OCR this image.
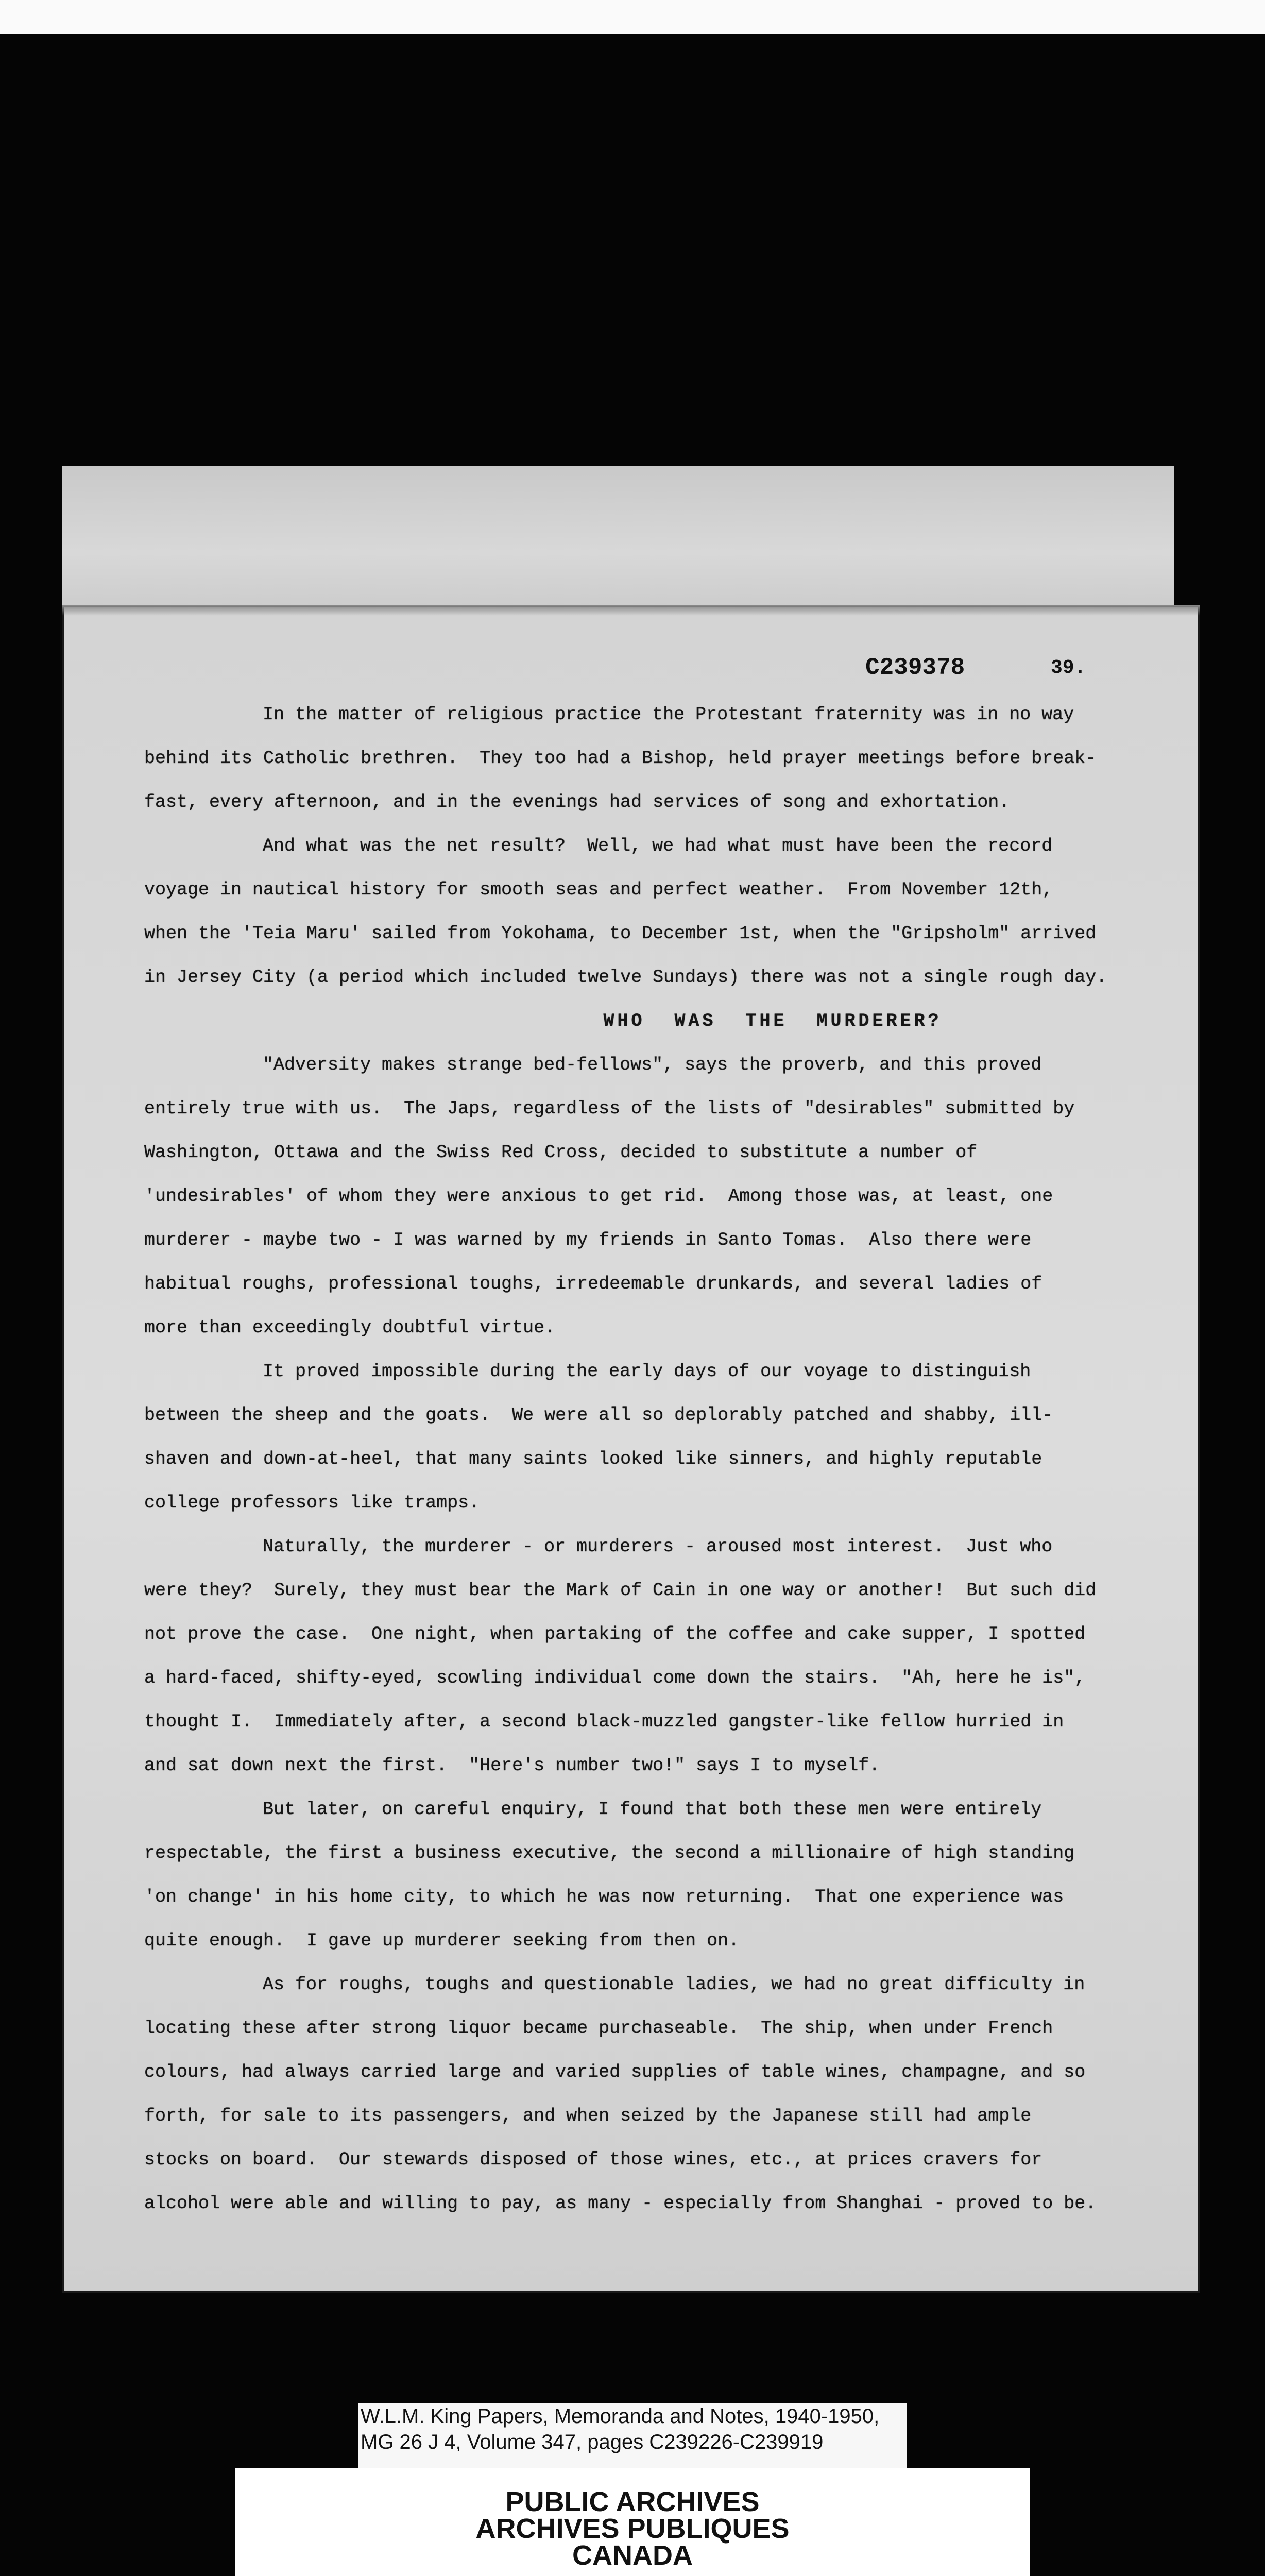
C239378	39.
In the matter of religious practice the Protestant fraternity was in no way
behind its Catholic brethren.  They too had a Bishop, held prayer meetings before break-
fast, every afternoon, and in the evenings had services of song and exhortation.
And what was the net result?  Well, we had what must have been the record
voyage in nautical history for smooth seas and perfect weather.  From November 12th,
when the 'Teia Maru' sailed from Yokohama, to December 1st, when the "Gripsholm" arrived
in Jersey City (a period which included twelve Sundays) there was not a single rough day.
WHO WAS THE MURDERER?
"Adversity makes strange bed-fellows", says the proverb, and this proved
entirely true with us.  The Japs, regardless of the lists of "desirables" submitted by
Washington, Ottawa and the Swiss Red Cross, decided to substitute a number of
'undesirables' of whom they were anxious to get rid.  Among those was, at least, one
murderer - maybe two - I was warned by my friends in Santo Tomas.  Also there were
habitual roughs, professional toughs, irredeemable drunkards, and several ladies of
more than exceedingly doubtful virtue.
It proved impossible during the early days of our voyage to distinguish
between the sheep and the goats.  We were all so deplorably patched and shabby, ill-
shaven and down-at-heel, that many saints looked like sinners, and highly reputable
college professors like tramps.
Naturally, the murderer - or murderers - aroused most interest.  Just who
were they?  Surely, they must bear the Mark of Cain in one way or another!  But such did
not prove the case.  One night, when partaking of the coffee and cake supper, I spotted
a hard-faced, shifty-eyed, scowling individual come down the stairs.  "Ah, here he is",
thought I.  Immediately after, a second black-muzzled gangster-like fellow hurried in
and sat down next the first.  "Here's number two!" says I to myself.
But later, on careful enquiry, I found that both these men were entirely
respectable, the first a business executive, the second a millionaire of high standing
'on change' in his home city, to which he was now returning.  That one experience was
quite enough.  I gave up murderer seeking from then on.
As for roughs, toughs and questionable ladies, we had no great difficulty in
locating these after strong liquor became purchaseable.  The ship, when under French
colours, had always carried large and varied supplies of table wines, champagne, and so
forth, for sale to its passengers, and when seized by the Japanese still had ample
stocks on board.  Our stewards disposed of those wines, etc., at prices cravers for
alcohol were able and willing to pay, as many - especially from Shanghai - proved to be.
W.L.M. King Papers, Memoranda and Notes, 1940-1950,
MG 26 J 4, Volume 347, pages C239226-C239919
PUBLIC ARCHIVES
ARCHIVES PUBLIQUES
CANADA
